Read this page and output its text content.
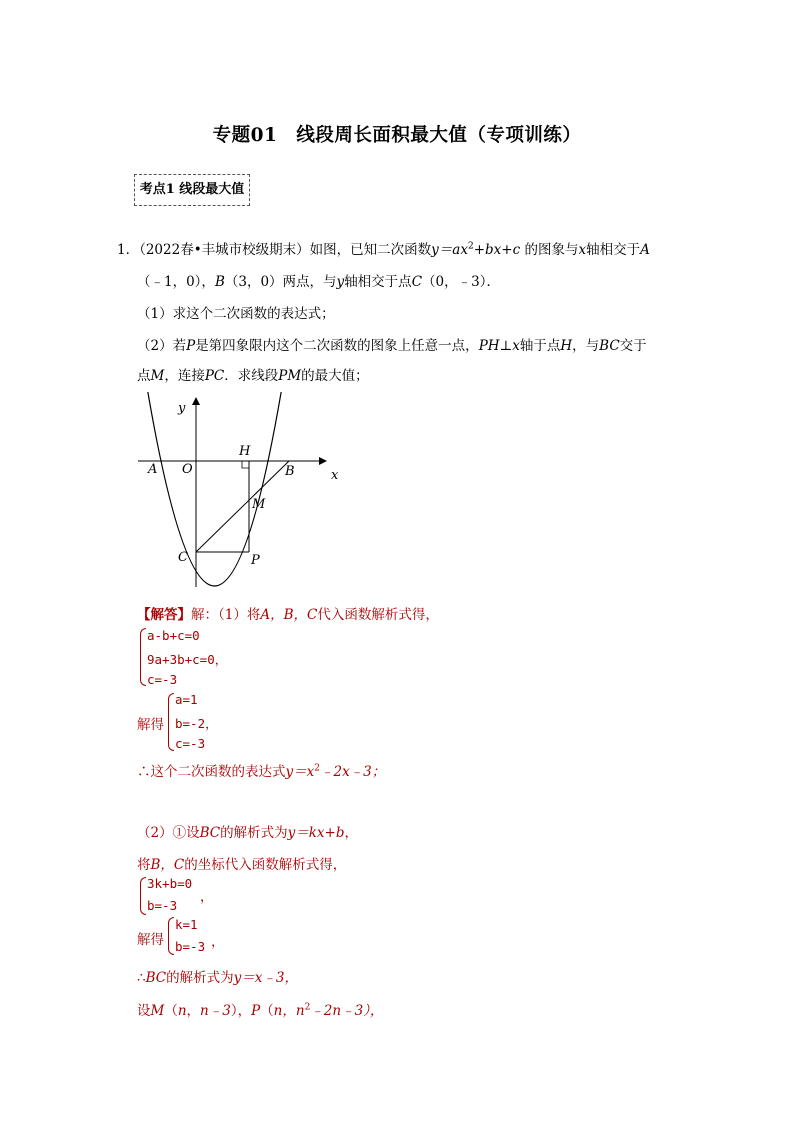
专题01　线段周长面积最大值（专项训练）
考点1 线段最大值
1．（2022春•丰城市校级期末）如图，已知二次函数$y=ax^2+bx+c$ 的图象与x轴相交于A
（﹣1，0），B（3，0）两点，与y轴相交于点C（0，﹣3）．
（1）求这个二次函数的表达式；
（2）若P是第四象限内这个二次函数的图象上任意一点，PH⊥x轴于点H，与BC交于
点M，连接PC．求线段PM的最大值；
y
x
A O
H
B
M
C	P
【解答】解：（1）将A，B，C代入函数解析式得，
a-b+c=0
9a+3b+c=0，
c=-3
解得
a=1
b=-2，
c=-3
∴这个二次函数的表达式$y=x^2﹣2x﹣3$；
（2）①设BC的解析式为y＝kx+b，
将B，C的坐标代入函数解析式得，
3k+b=0
b=-3
，
解得
k=1
b=-3 ，
∴BC的解析式为y＝x﹣3，
设M（n，n﹣3），P（n，$n^2﹣2n﹣3$），
